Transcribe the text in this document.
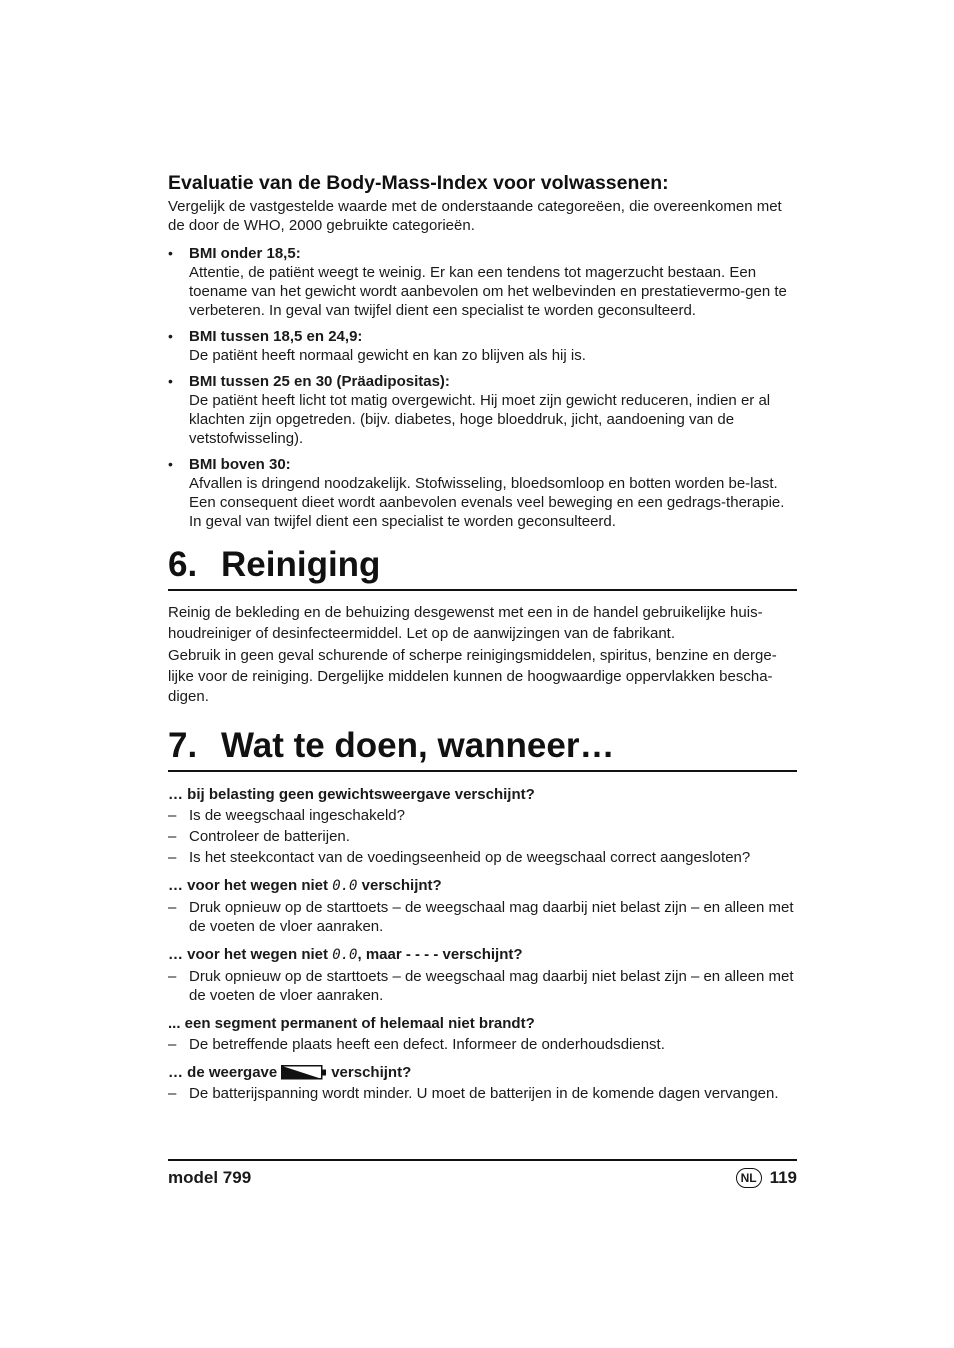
Evaluatie van de Body-Mass-Index voor volwassenen:

Vergelijk de vastgestelde waarde met de onderstaande categoreëen, die overeenkomen met de door de WHO, 2000 gebruikte categorieën.

• BMI onder 18,5:
Attentie, de patiënt weegt te weinig. Er kan een tendens tot magerzucht bestaan. Een toename van het gewicht wordt aanbevolen om het welbevinden en prestatievermo-gen te verbeteren. In geval van twijfel dient een specialist te worden geconsulteerd.
• BMI tussen 18,5 en 24,9:
De patiënt heeft normaal gewicht en kan zo blijven als hij is.
• BMI tussen 25 en 30 (Präadipositas):
De patiënt heeft licht tot matig overgewicht. Hij moet zijn gewicht reduceren, indien er al klachten zijn opgetreden. (bijv. diabetes, hoge bloeddruk, jicht, aandoening van de vetstofwisseling).
• BMI boven 30:
Afvallen is dringend noodzakelijk. Stofwisseling, bloedsomloop en botten worden be-last. Een consequent dieet wordt aanbevolen evenals veel beweging en een gedrags-therapie. In geval van twijfel dient een specialist te worden geconsulteerd.
6. Reiniging

Reinig de bekleding en de behuizing desgewenst met een in de handel gebruikelijke huis-houdreiniger of desinfecteermiddel. Let op de aanwijzingen van de fabrikant.

Gebruik in geen geval schurende of scherpe reinigingsmiddelen, spiritus, benzine en derge-lijke voor de reiniging. Dergelijke middelen kunnen de hoogwaardige oppervlakken bescha-digen.

7. Wat te doen, wanneer…
… bij belasting geen gewichtsweergave verschijnt?
– Is de weegschaal ingeschakeld?
– Controleer de batterijen.
– Is het steekcontact van de voedingseenheid op de weegschaal correct aangesloten?
… voor het wegen niet 0.0 verschijnt?
– Druk opnieuw op de starttoets – de weegschaal mag daarbij niet belast zijn – en alleen met de voeten de vloer aanraken.
… voor het wegen niet 0.0, maar - - - - verschijnt?
– Druk opnieuw op de starttoets – de weegschaal mag daarbij niet belast zijn – en alleen met de voeten de vloer aanraken.
... een segment permanent of helemaal niet brandt?
– De betreffende plaats heeft een defect. Informeer de onderhoudsdienst.
… de weergave	verschijnt?
– De batterijspanning wordt minder. U moet de batterijen in de komende dagen vervangen.
model 799	NL 119
